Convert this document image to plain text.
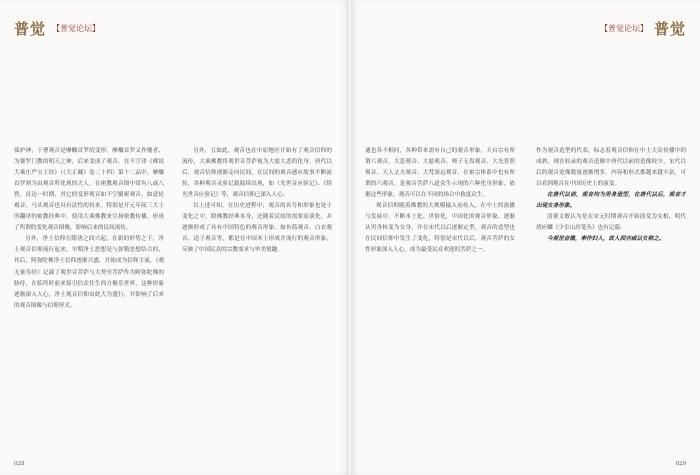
普觉 【普觉论坛】

保护神，于曹观音是摩醯首罗的变形，摩醯首罗又作魔者、为婆罗门教的明天之神，后来变成了观音，在不空译《佛说大乘庄严宝王经》（《大正藏》卷二十四）第十二品中，摩醯首罗则为由观音所化现的天人。在密教观音图中常有八或八臂，首达一时期，其它的变形观音如不空羂索观音、如意轮观音、马头观音也具有法性的持来。特别是开元年间三大士所翻译的密教经典中，使用大乘佛教来宣扬密教传播，形成了所谓的变化观音图像，影响后来的民间流传。

另外，净土信仰在隋唐之间兴起，在新的形势之下，净土观音信仰流行起来，早期净土思想是与弥勒思想结合的，其后，阿弥陀佛净土信仰逐渐兴盛，开始成为信仰主流，《观无量寿经》记载了观世音菩萨与大势至菩萨作为阿弥陀佛的胁侍，在临终时前来接引信众往生西方极乐世界，这种形象逐渐深入人心，净土观音信仰由此大为盛行，并影响了后来的观音图像与信仰形式。

另外，五如此，观音也在中原地区开始有了观音信仰的流传，大乘佛教将观世音菩萨视为大慈大悲的化身，唐代以后，观音信仰逐渐走向民间，在民间的观音感应故事不断流传，各种观音灵验记载陆续出现，如《光世音应验记》、《续光世音应验记》等，观音信仰已深入人心。

以上述可知，在历史进程中，观音的名号和形象也处于变化之中，除佛教经典本身，还随着民间的需要而演化，并逐渐形成了具有中国特色的观音形象，如鱼篮观音、白衣观音、送子观音等，都是在中国本土形成并流行的观音形象，反映了中国民众的宗教需求与审美情趣。

028
【普觉论坛】 普觉

通也各不相同，各种带来需有自己的观音形象，天台宗有所谓六观音，大悲观音、大慈观音、师子无畏观音、大光普照观音、天人丈夫观音、大梵深远观音，在密宗体系中也有所谓的六观音，是观音菩萨八道众生示现的六种化身形象，依据这些形象，观音可以在不同的场合中救度众生。

观音信仰随着佛教的大规模输入而传入，在中土的流播与发展中，不断本土化、世俗化，中国化的观音形象，逐渐从男身转变为女身，并在宋代以后逐渐定型，观音的造型也在民间信仰中发生了变化，特别是宋代以后，观音菩萨的女性形象深入人心，成为最受民众欢迎的菩萨之一。

作为观音造型的代表，标志着观音信仰在中土大众传播中的成熟，现在收录的观音造像中唐代以前的造像较少，宋代以后的观音造像数量逐渐增多，内容和形式都越来越丰富，可以看到观音在中国历史上的演变。

在唐代以前，观音均为男身造型，在唐代以后，观音才出现女身形象。

清董文敏认为是在宋元时期观音开始演变为女相，明代胡应麟《少室山房笔丛》也有记载：

今观世音像，率作妇人，故人间亦咸以女称之。

029
